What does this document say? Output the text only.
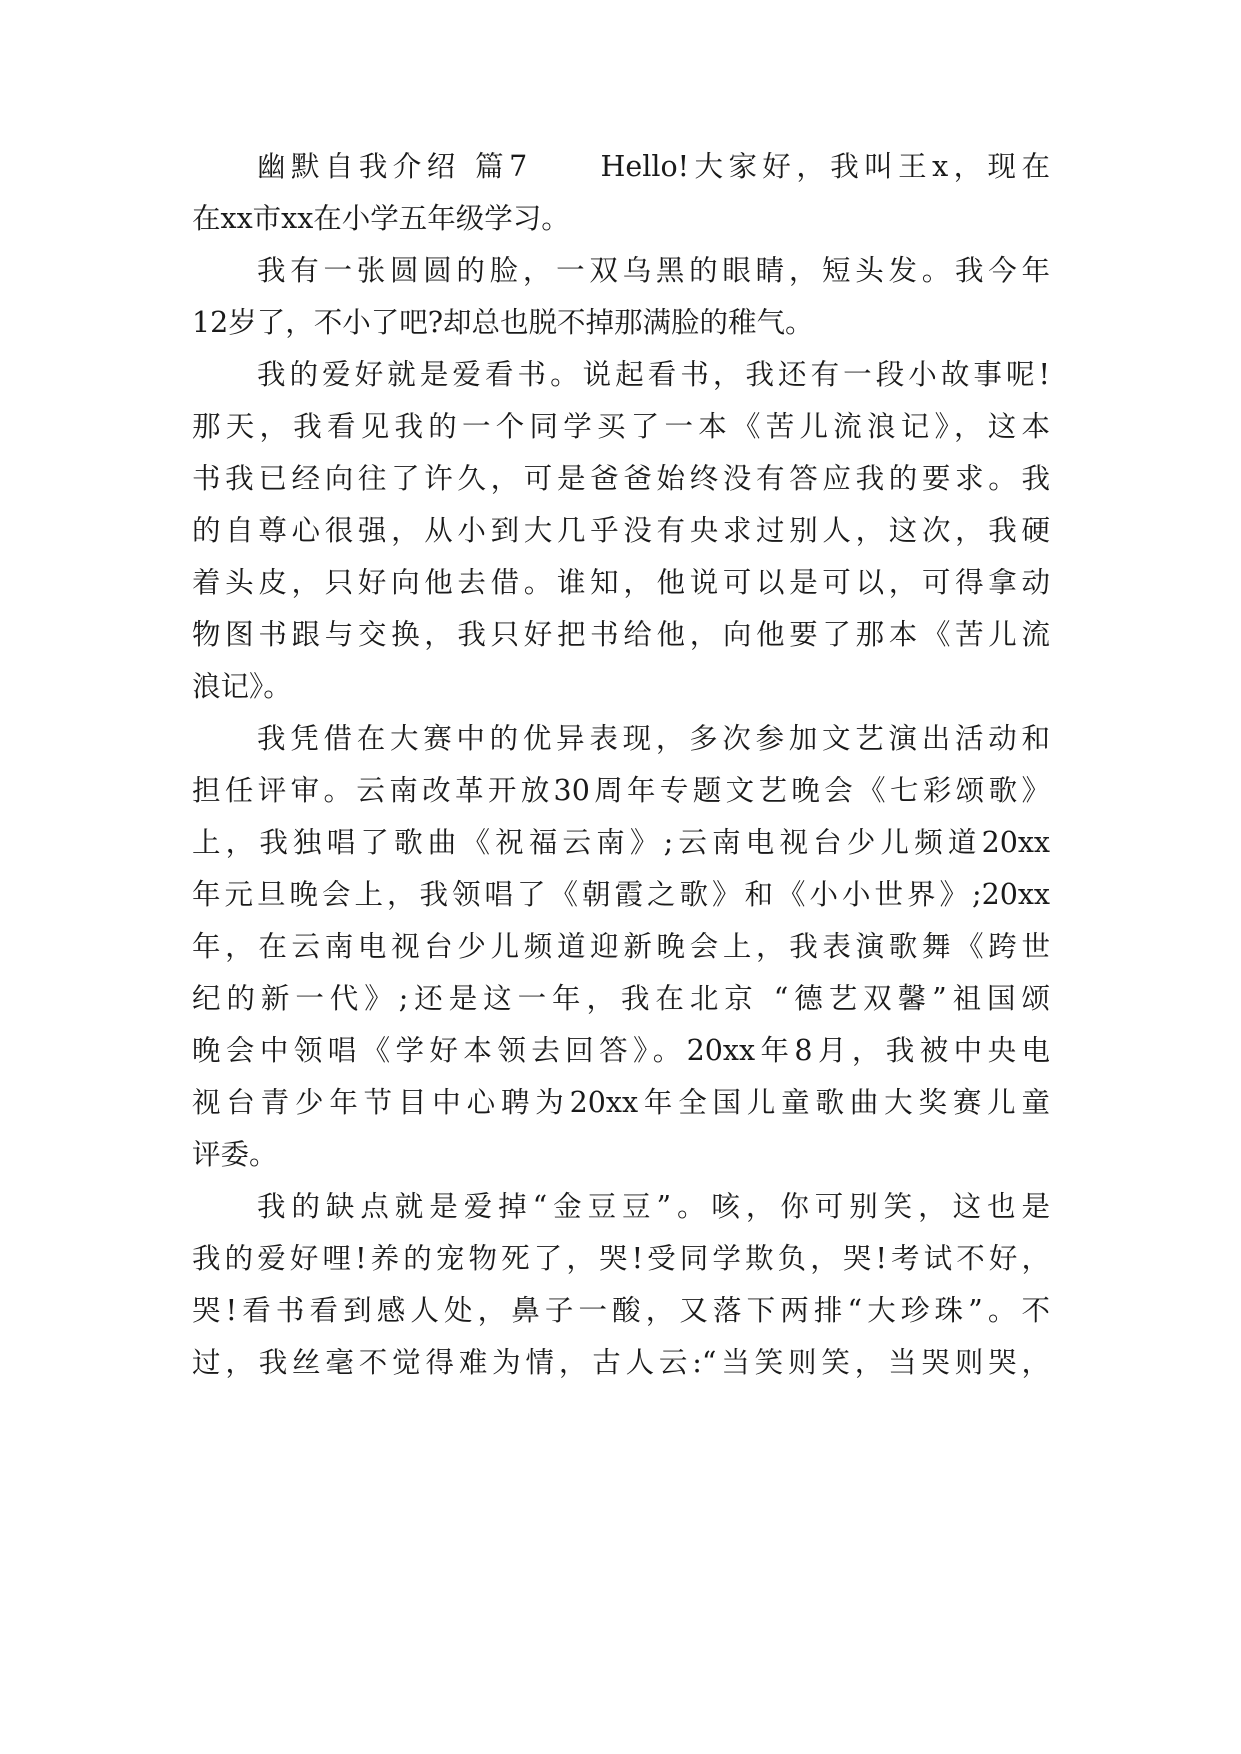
幽默自我介绍 篇7　　Hello!大家好，我叫王x，现在
在xx市xx在小学五年级学习。
我有一张圆圆的脸，一双乌黑的眼睛，短头发。我今年
12岁了，不小了吧?却总也脱不掉那满脸的稚气。
我的爱好就是爱看书。说起看书，我还有一段小故事呢!
那天，我看见我的一个同学买了一本《苦儿流浪记》，这本
书我已经向往了许久，可是爸爸始终没有答应我的要求。我
的自尊心很强，从小到大几乎没有央求过别人，这次，我硬
着头皮，只好向他去借。谁知，他说可以是可以，可得拿动
物图书跟与交换，我只好把书给他，向他要了那本《苦儿流
浪记》。
我凭借在大赛中的优异表现，多次参加文艺演出活动和
担任评审。云南改革开放30周年专题文艺晚会《七彩颂歌》
上，我独唱了歌曲《祝福云南》;云南电视台少儿频道20xx
年元旦晚会上，我领唱了《朝霞之歌》和《小小世界》;20xx
年，在云南电视台少儿频道迎新晚会上，我表演歌舞《跨世
纪的新一代》;还是这一年，我在北京 “德艺双馨”祖国颂
晚会中领唱《学好本领去回答》。20xx年8月，我被中央电
视台青少年节目中心聘为20xx年全国儿童歌曲大奖赛儿童
评委。
我的缺点就是爱掉“金豆豆”。咳，你可别笑，这也是
我的爱好哩!养的宠物死了，哭!受同学欺负，哭!考试不好，
哭!看书看到感人处，鼻子一酸，又落下两排“大珍珠”。不
过，我丝毫不觉得难为情，古人云:“当笑则笑，当哭则哭，
